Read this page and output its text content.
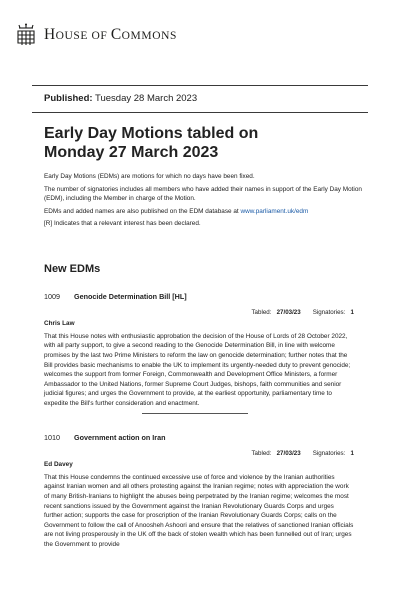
HOUSE OF COMMONS
Published: Tuesday 28 March 2023
Early Day Motions tabled on
Monday 27 March 2023

Early Day Motions (EDMs) are motions for which no days have been fixed.

The number of signatories includes all members who have added their names in support of the Early Day Motion (EDM), including the Member in charge of the Motion.

EDMs and added names are also published on the EDM database at www.parliament.uk/edm

[R] Indicates that a relevant interest has been declared.

New EDMs
1009	Genocide Determination Bill [HL]
Tabled: 27/03/23 Signatories: 1
Chris Law
That this House notes with enthusiastic approbation the decision of the House of Lords of 28 October 2022, with all party support, to give a second reading to the Genocide Determination Bill, in line with welcome promises by the last two Prime Ministers to reform the law on genocide determination; further notes that the Bill provides basic mechanisms to enable the UK to implement its urgently-needed duty to prevent genocide; welcomes the support from former Foreign, Commonwealth and Development Office Ministers, a former Ambassador to the United Nations, former Supreme Court Judges, bishops, faith communities and senior judicial figures; and urges the Government to provide, at the earliest opportunity, parliamentary time to expedite the Bill's further consideration and enactment.
1010	Government action on Iran
Tabled: 27/03/23 Signatories: 1
Ed Davey
That this House condemns the continued excessive use of force and violence by the Iranian authorities against Iranian women and all others protesting against the Iranian regime; notes with appreciation the work of many British-Iranians to highlight the abuses being perpetrated by the Iranian regime; welcomes the most recent sanctions issued by the Government against the Iranian Revolutionary Guards Corps and urges further action; supports the case for proscription of the Iranian Revolutionary Guards Corps; calls on the Government to follow the call of Anoosheh Ashoori and ensure that the relatives of sanctioned Iranian officials are not living prosperously in the UK off the back of stolen wealth which has been funnelled out of Iran; urges the Government to provide
